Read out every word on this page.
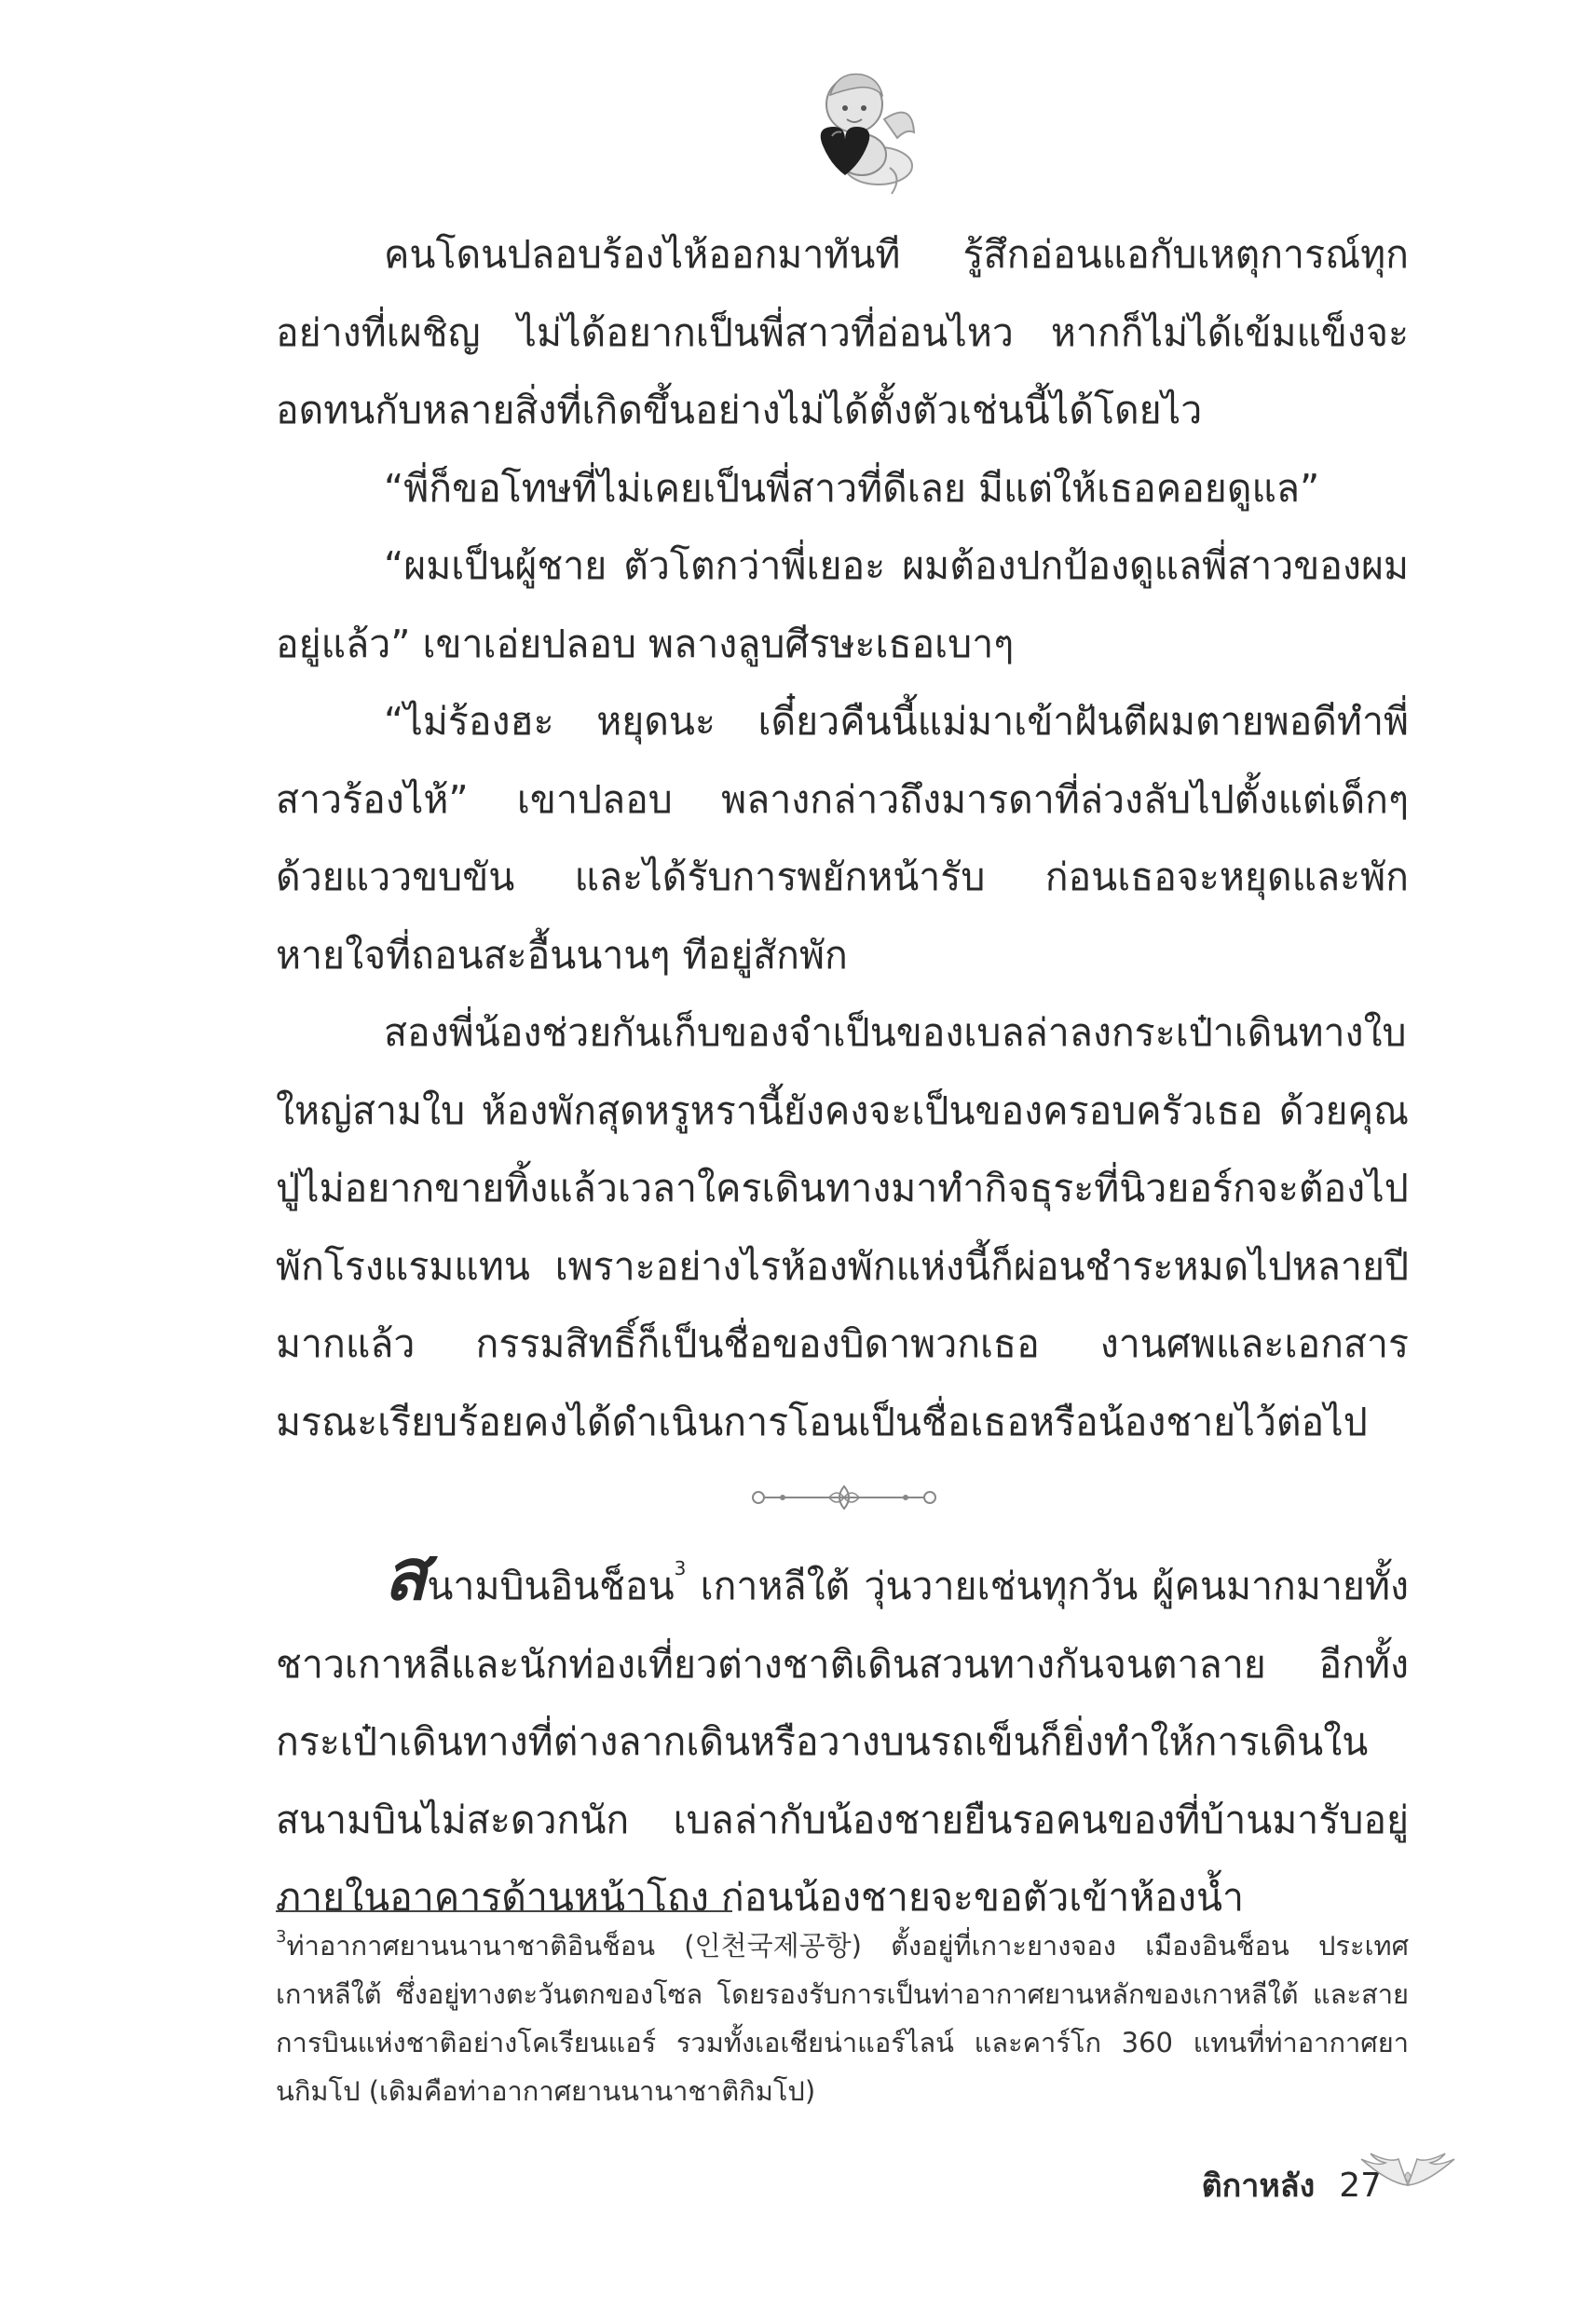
คนโดนปลอบร้องไห้ออกมาทันที รู้สึกอ่อนแอกับเหตุการณ์ทุกอย่างที่เผชิญ ไม่ได้อยากเป็นพี่สาวที่อ่อนไหว หากก็ไม่ได้เข้มแข็งจะอดทนกับหลายสิ่งที่เกิดขึ้นอย่างไม่ได้ตั้งตัวเช่นนี้ได้โดยไว

“พี่ก็ขอโทษที่ไม่เคยเป็นพี่สาวที่ดีเลย มีแต่ให้เธอคอยดูแล”

“ผมเป็นผู้ชาย ตัวโตกว่าพี่เยอะ ผมต้องปกป้องดูแลพี่สาวของผมอยู่แล้ว” เขาเอ่ยปลอบ พลางลูบศีรษะเธอเบาๆ

“ไม่ร้องฮะ หยุดนะ เดี๋ยวคืนนี้แม่มาเข้าฝันตีผมตายพอดีทำพี่สาวร้องไห้” เขาปลอบ พลางกล่าวถึงมารดาที่ล่วงลับไปตั้งแต่เด็กๆ ด้วยแววขบขัน และได้รับการพยักหน้ารับ ก่อนเธอจะหยุดและพักหายใจที่ถอนสะอื้นนานๆ ทีอยู่สักพัก

สองพี่น้องช่วยกันเก็บของจำเป็นของเบลล่าลงกระเป๋าเดินทางใบใหญ่สามใบ ห้องพักสุดหรูหรานี้ยังคงจะเป็นของครอบครัวเธอ ด้วยคุณปู่ไม่อยากขายทิ้งแล้วเวลาใครเดินทางมาทำกิจธุระที่นิวยอร์กจะต้องไปพักโรงแรมแทน เพราะอย่างไรห้องพักแห่งนี้ก็ผ่อนชำระหมดไปหลายปีมากแล้ว กรรมสิทธิ์ก็เป็นชื่อของบิดาพวกเธอ งานศพและเอกสารมรณะเรียบร้อยคงได้ดำเนินการโอนเป็นชื่อเธอหรือน้องชายไว้ต่อไป

สนามบินอินช็อน$^3$ เกาหลีใต้ วุ่นวายเช่นทุกวัน ผู้คนมากมายทั้งชาวเกาหลีและนักท่องเที่ยวต่างชาติเดินสวนทางกันจนตาลาย อีกทั้งกระเป๋าเดินทางที่ต่างลากเดินหรือวางบนรถเข็นก็ยิ่งทำให้การเดินในสนามบินไม่สะดวกนัก เบลล่ากับน้องชายยืนรอคนของที่บ้านมารับอยู่ภายในอาคารด้านหน้าโถง ก่อนน้องชายจะขอตัวเข้าห้องน้ำ

$^3$ท่าอากาศยานนานาชาติอินช็อน (인천국제공항) ตั้งอยู่ที่เกาะยางจอง เมืองอินช็อน ประเทศเกาหลีใต้ ซึ่งอยู่ทางตะวันตกของโซล โดยรองรับการเป็นท่าอากาศยานหลักของเกาหลีใต้ และสายการบินแห่งชาติอย่างโคเรียนแอร์ รวมทั้งเอเชียน่าแอร์ไลน์ และคาร์โก 360 แทนที่ท่าอากาศยานกิมโป (เดิมคือท่าอากาศยานนานาชาติกิมโป)
ติกาหลัง 27
